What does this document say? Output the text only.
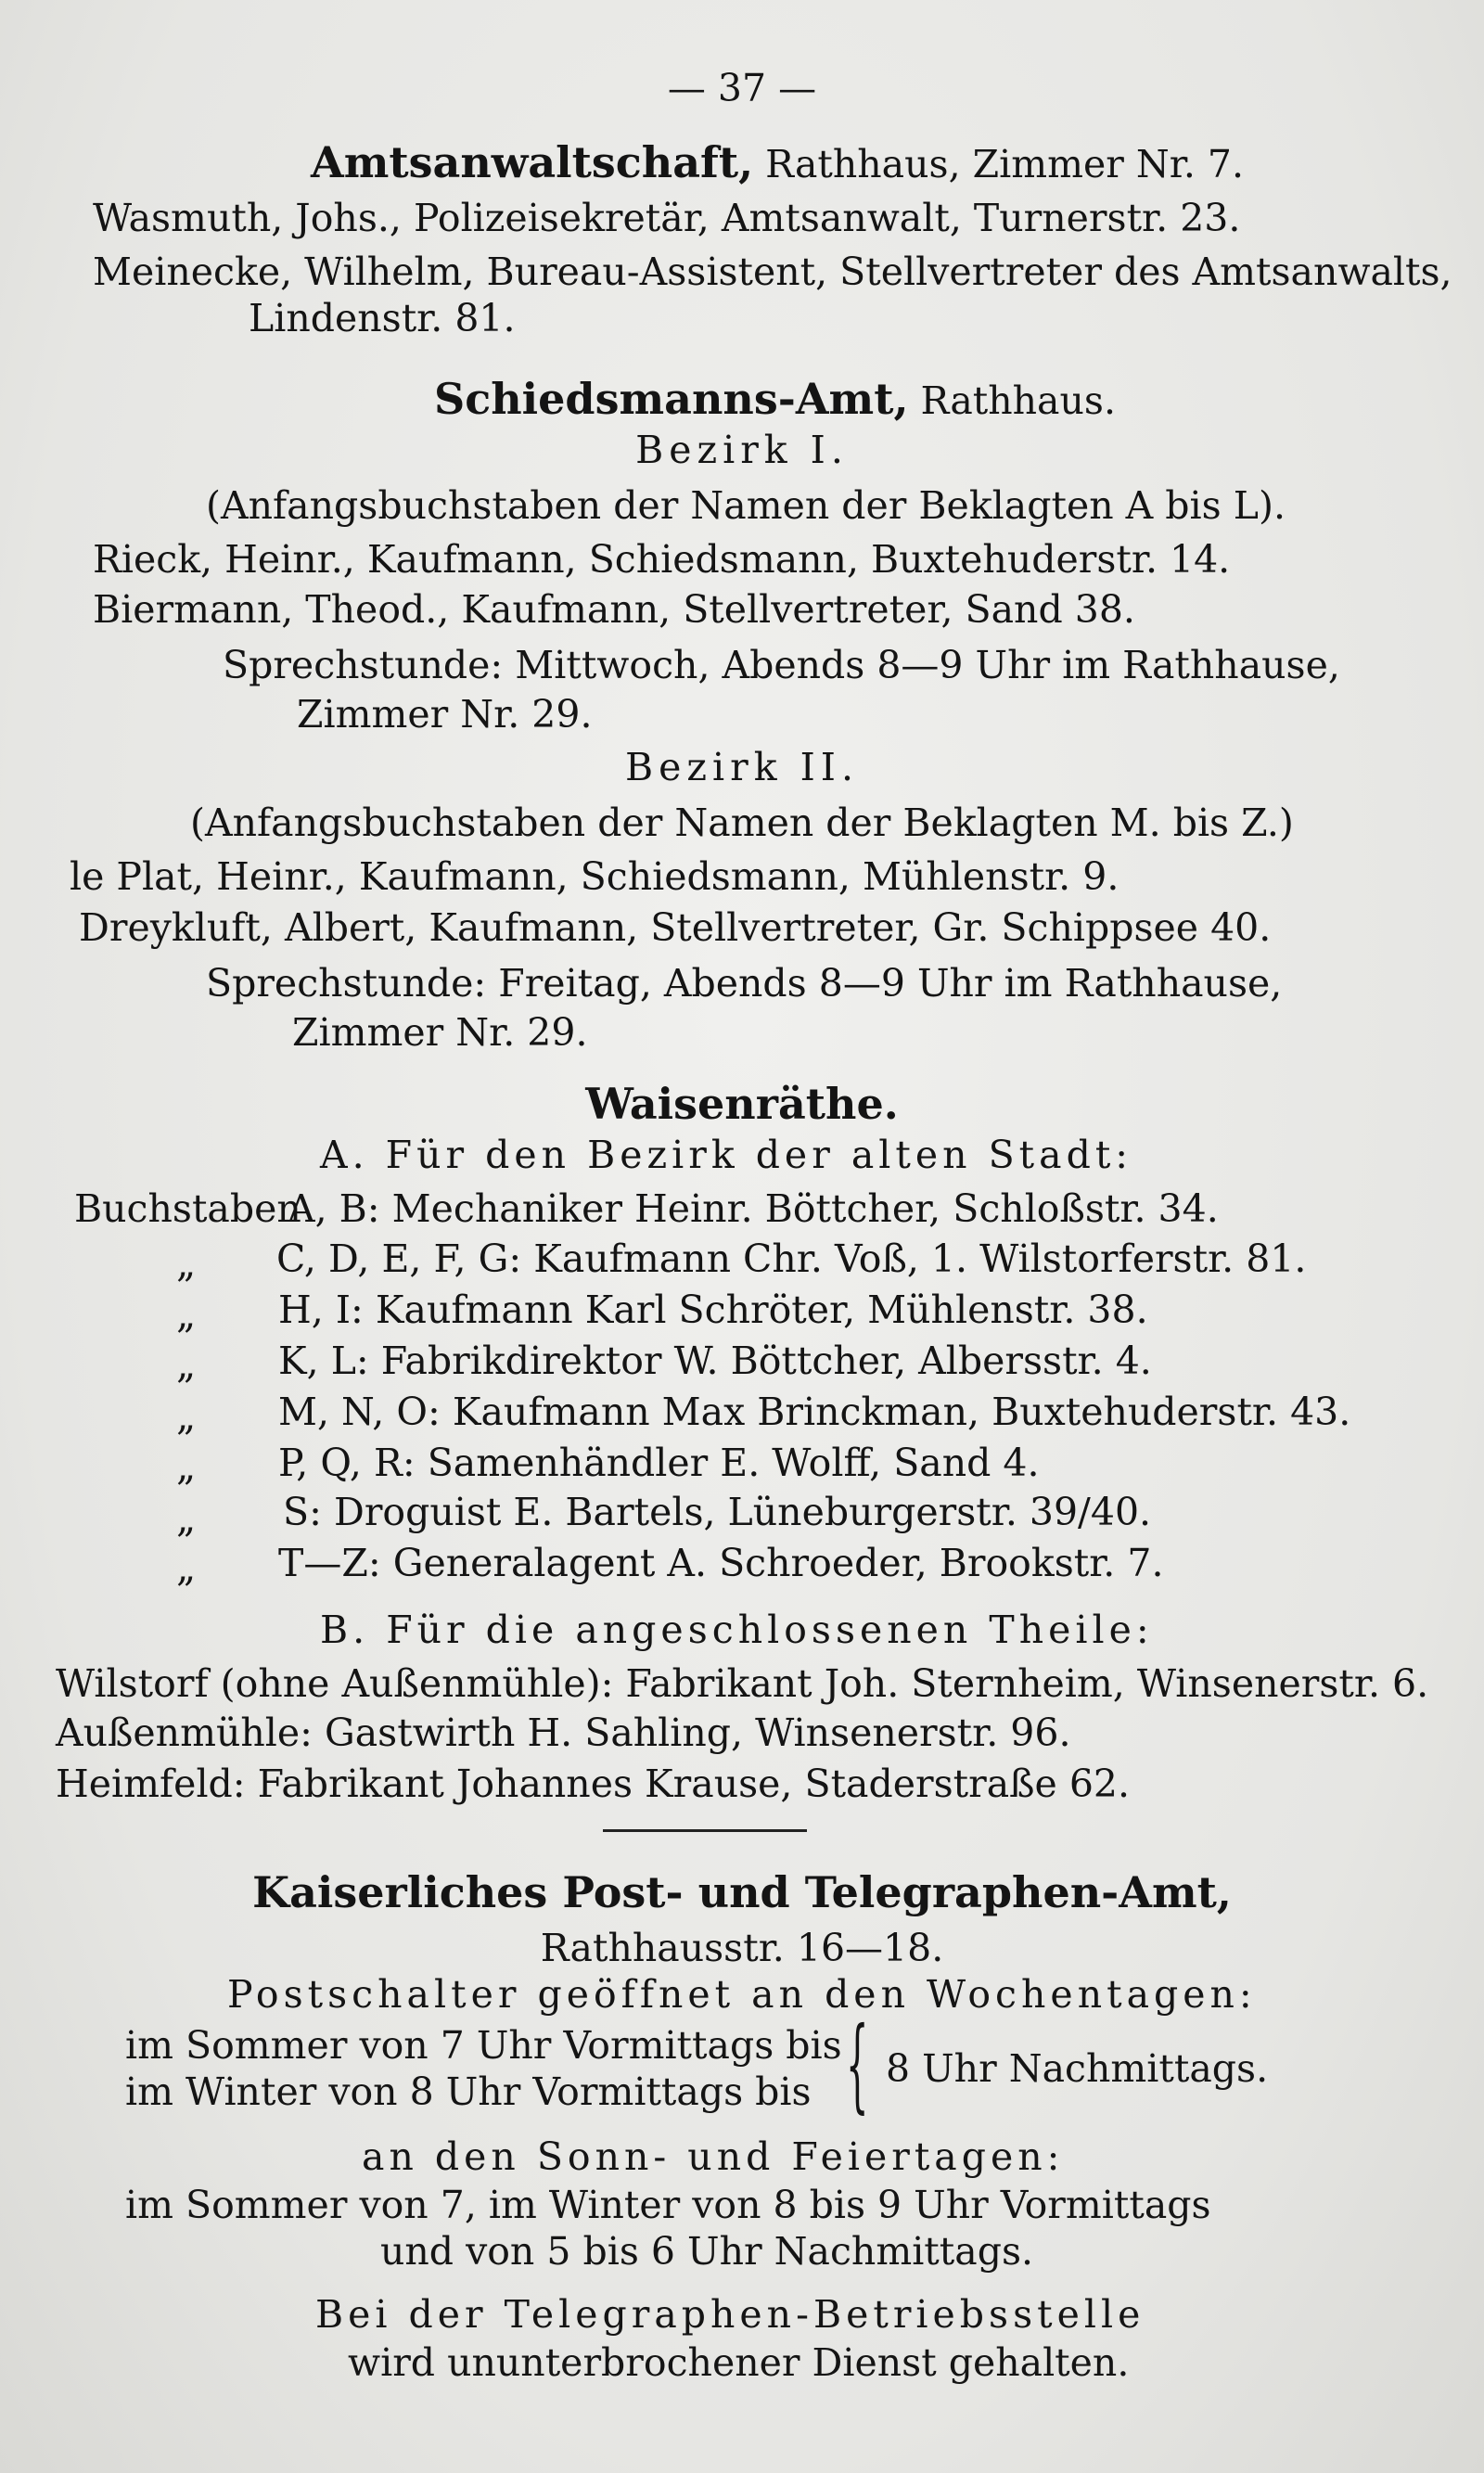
— 37 —
Amtsanwaltschaft, Rathhaus, Zimmer Nr. 7.
Wasmuth, Johs., Polizeisekretär, Amtsanwalt, Turnerstr. 23.
Meinecke, Wilhelm, Bureau-Assistent, Stellvertreter des Amtsanwalts,
Lindenstr. 81.
Schiedsmanns-Amt, Rathhaus.
Bezirk I.
(Anfangsbuchstaben der Namen der Beklagten A bis L).
Rieck, Heinr., Kaufmann, Schiedsmann, Buxtehuderstr. 14.
Biermann, Theod., Kaufmann, Stellvertreter, Sand 38.
Sprechstunde: Mittwoch, Abends 8—9 Uhr im Rathhause,
Zimmer Nr. 29.
Bezirk II.
(Anfangsbuchstaben der Namen der Beklagten M. bis Z.)
le Plat, Heinr., Kaufmann, Schiedsmann, Mühlenstr. 9.
Dreykluft, Albert, Kaufmann, Stellvertreter, Gr. Schippsee 40.
Sprechstunde: Freitag, Abends 8—9 Uhr im Rathhause,
Zimmer Nr. 29.
Waisenräthe.
A. Für den Bezirk der alten Stadt:
Buchstaben
„
„
„
„
„
„
„
A, B: Mechaniker Heinr. Böttcher, Schloßstr. 34.
C, D, E, F, G: Kaufmann Chr. Voß, 1. Wilstorferstr. 81.
H, I: Kaufmann Karl Schröter, Mühlenstr. 38.
K, L: Fabrikdirektor W. Böttcher, Albersstr. 4.
M, N, O: Kaufmann Max Brinckman, Buxtehuderstr. 43.
P, Q, R: Samenhändler E. Wolff, Sand 4.
S: Droguist E. Bartels, Lüneburgerstr. 39/40.
T—Z: Generalagent A. Schroeder, Brookstr. 7.
B. Für die angeschlossenen Theile:
Wilstorf (ohne Außenmühle): Fabrikant Joh. Sternheim, Winsenerstr. 6.
Außenmühle: Gastwirth H. Sahling, Winsenerstr. 96.
Heimfeld: Fabrikant Johannes Krause, Staderstraße 62.
Kaiserliches Post- und Telegraphen-Amt,
Rathhausstr. 16—18.
Postschalter geöffnet an den Wochentagen:
im Sommer von 7 Uhr Vormittags bis
im Winter von 8 Uhr Vormittags bis { 8 Uhr Nachmittags.
an den Sonn- und Feiertagen:
im Sommer von 7, im Winter von 8 bis 9 Uhr Vormittags
und von 5 bis 6 Uhr Nachmittags.
Bei der Telegraphen-Betriebsstelle
wird ununterbrochener Dienst gehalten.
